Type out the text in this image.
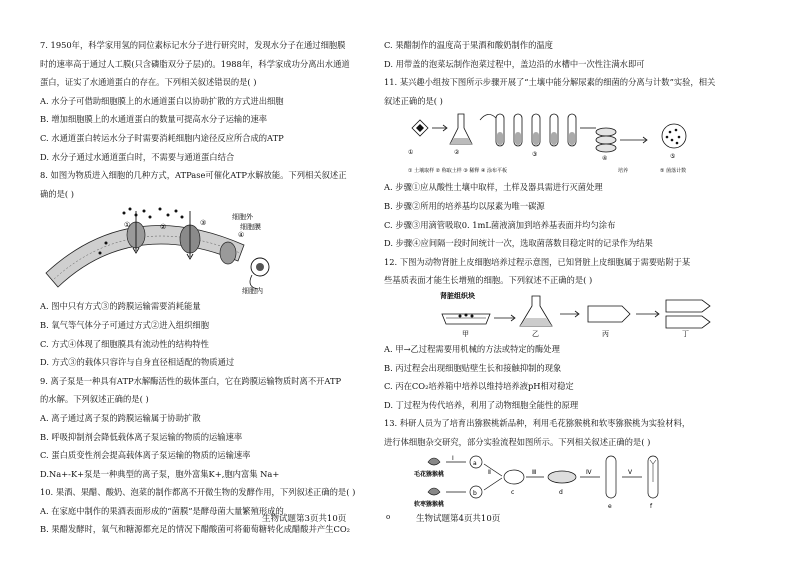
7. 1950年，科学家用氢的同位素标记水分子进行研究时，发现水分子在通过细胞膜
时的速率高于通过人工膜(只含磷脂双分子层)的。1988年，科学家成功分离出水通道
蛋白，证实了水通道蛋白的存在。下列相关叙述错误的是( )
A. 水分子可借助细胞膜上的水通道蛋白以协助扩散的方式进出细胞
B. 增加细胞膜上的水通道蛋白的数量可提高水分子运输的速率
C. 水通道蛋白转运水分子时需要消耗细胞内途径反应所合成的ATP
D. 水分子通过水通道蛋白时，不需要与通道蛋白结合
8. 如图为物质进入细胞的几种方式，ATPase可催化ATP水解放能。下列相关叙述正
确的是( )
①	②	③
④
细胞外
细胞膜
细胞内
A. 图中只有方式③的跨膜运输需要消耗能量
B. 氧气等气体分子可通过方式②进入组织细胞
C. 方式④体现了细胞膜具有流动性的结构特性
D. 方式③的载体只容许与自身直径相适配的物质通过
9. 离子泵是一种具有ATP水解酶活性的载体蛋白，它在跨膜运输物质时离不开ATP
的水解。下列叙述正确的是( )
A. 离子通过离子泵的跨膜运输属于协助扩散
B. 呼吸抑制剂会降低载体离子泵运输的物质的运输速率
C. 蛋白质变性剂会提高载体离子泵运输的物质的运输速率
D.Na+-K+泵是一种典型的离子泵，胞外富集K+,胞内富集 Na+
10. 果酒、果醋、酸奶、泡菜的制作都离不开微生物的发酵作用，下列叙述正确的是( )
A. 在家庭中制作的果酒表面形成的“菌膜”是酵母菌大量繁殖形成的
B. 果醋发酵时，氧气和糖源都充足的情况下醋酸菌可将葡萄糖转化成醋酸并产生CO₂
C. 果醋制作的温度高于果酒和酸奶制作的温度
D. 用带盖的泡菜坛制作泡菜过程中，盖边沿的水槽中一次性注满水即可
11. 某兴趣小组按下图所示步骤开展了“土壤中能分解尿素的细菌的分离与计数”实验，相关
叙述正确的是( )
①	②	③
④	⑤
① 土壤取样 ② 称取土样 ③ 稀释 ④ 涂布平板	培养	⑤ 菌落计数
A. 步骤①应从酸性土壤中取样，土样及器具需进行灭菌处理
B. 步骤②所用的培养基均以尿素为唯一碳源
C. 步骤③用滴管吸取0. 1mL菌液滴加到培养基表面并均匀涂布
D. 步骤④应间隔一段时间统计一次，选取菌落数目稳定时的记录作为结果
12. 下图为动物肾脏上皮细胞培养过程示意图，已知肾脏上皮细胞属于需要贴附于某
些基质表面才能生长增殖的细胞。下列叙述不正确的是( )
肾脏组织块
甲	乙	丙	丁
A. 甲→乙过程需要用机械的方法或特定的酶处理
B. 丙过程会出现细胞贴壁生长和接触抑制的现象
C. 丙在CO₂培养箱中培养以维持培养液pH相对稳定
D. 丁过程为传代培养，利用了动物细胞全能性的原理
13. 科研人员为了培育出猕猴桃新品种，利用毛花猕猴桃和软枣猕猴桃为实验材料，
进行体细胞杂交研究，部分实验流程如图所示。下列相关叙述正确的是( )
毛花猕猴桃
软枣猕猴桃
Ⅰ
a
b
Ⅱ
c
Ⅲ
d
Ⅳ
e
Ⅴ
f
生物试题第3页共10页	o	生物试题第4页共10页
